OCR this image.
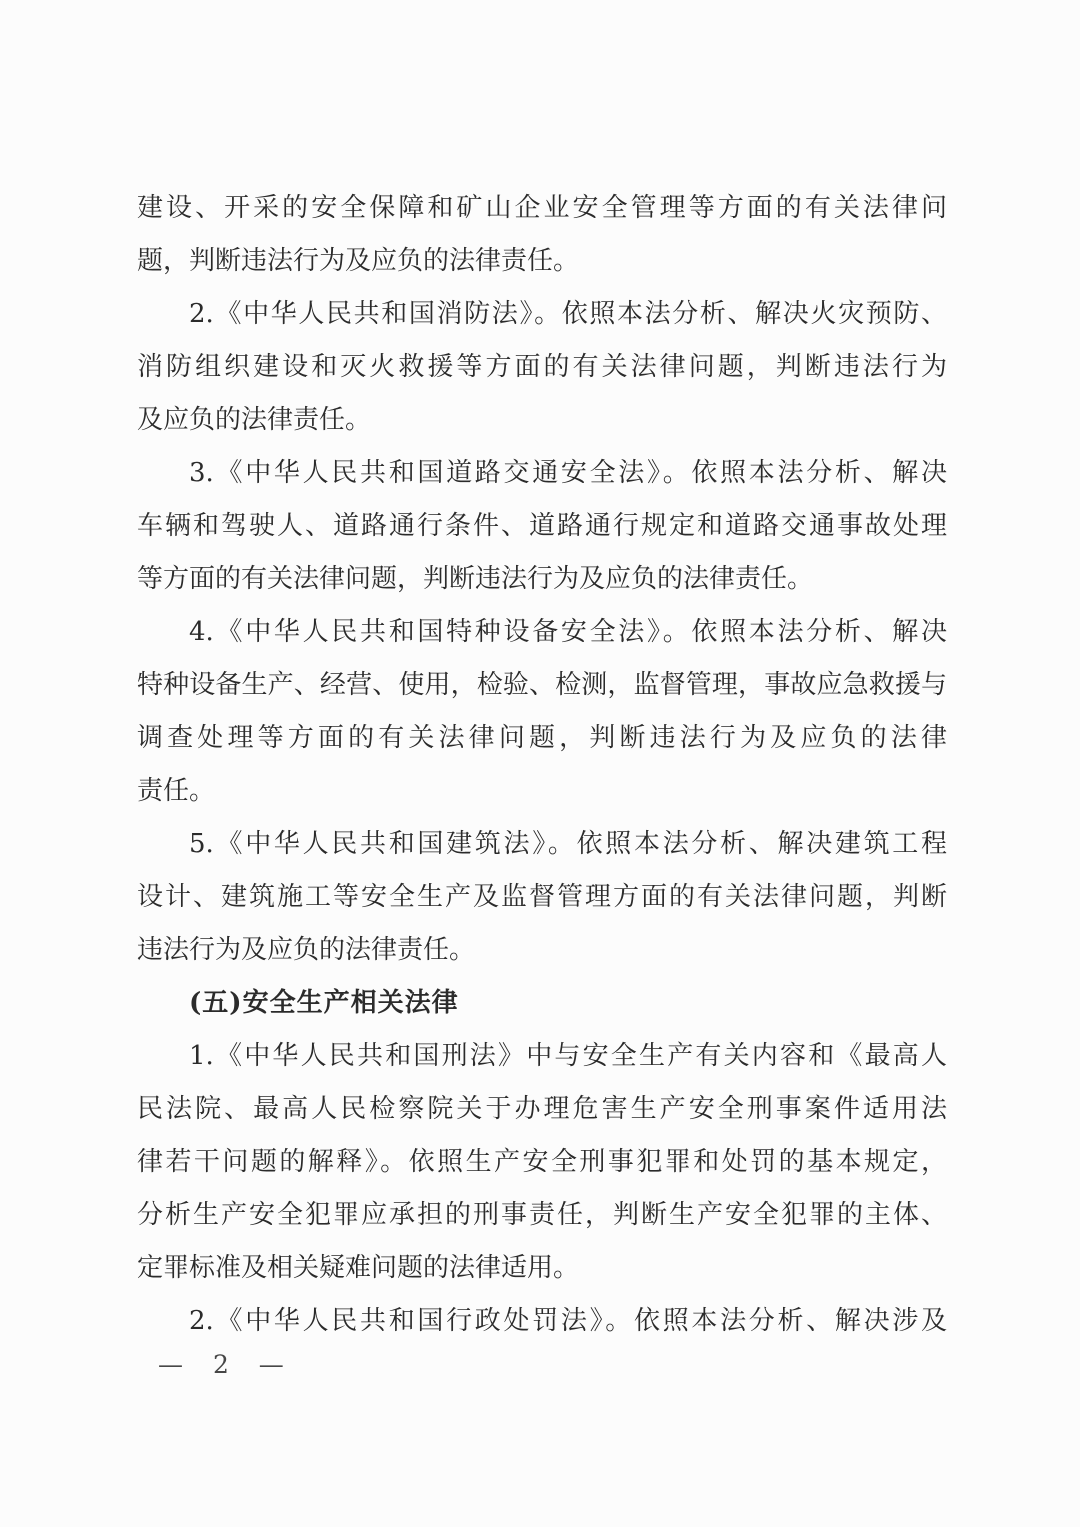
建设、开采的安全保障和矿山企业安全管理等方面的有关法律问
题，判断违法行为及应负的法律责任。
2.《中华人民共和国消防法》。依照本法分析、解决火灾预防、
消防组织建设和灭火救援等方面的有关法律问题，判断违法行为
及应负的法律责任。
3.《中华人民共和国道路交通安全法》。依照本法分析、解决
车辆和驾驶人、道路通行条件、道路通行规定和道路交通事故处理
等方面的有关法律问题，判断违法行为及应负的法律责任。
4.《中华人民共和国特种设备安全法》。依照本法分析、解决
特种设备生产、经营、使用，检验、检测，监督管理，事故应急救援与
调查处理等方面的有关法律问题，判断违法行为及应负的法律
责任。
5.《中华人民共和国建筑法》。依照本法分析、解决建筑工程
设计、建筑施工等安全生产及监督管理方面的有关法律问题，判断
违法行为及应负的法律责任。
(五)安全生产相关法律
1.《中华人民共和国刑法》中与安全生产有关内容和《最高人
民法院、最高人民检察院关于办理危害生产安全刑事案件适用法
律若干问题的解释》。依照生产安全刑事犯罪和处罚的基本规定，
分析生产安全犯罪应承担的刑事责任，判断生产安全犯罪的主体、
定罪标准及相关疑难问题的法律适用。
2.《中华人民共和国行政处罚法》。依照本法分析、解决涉及
— 2 —
